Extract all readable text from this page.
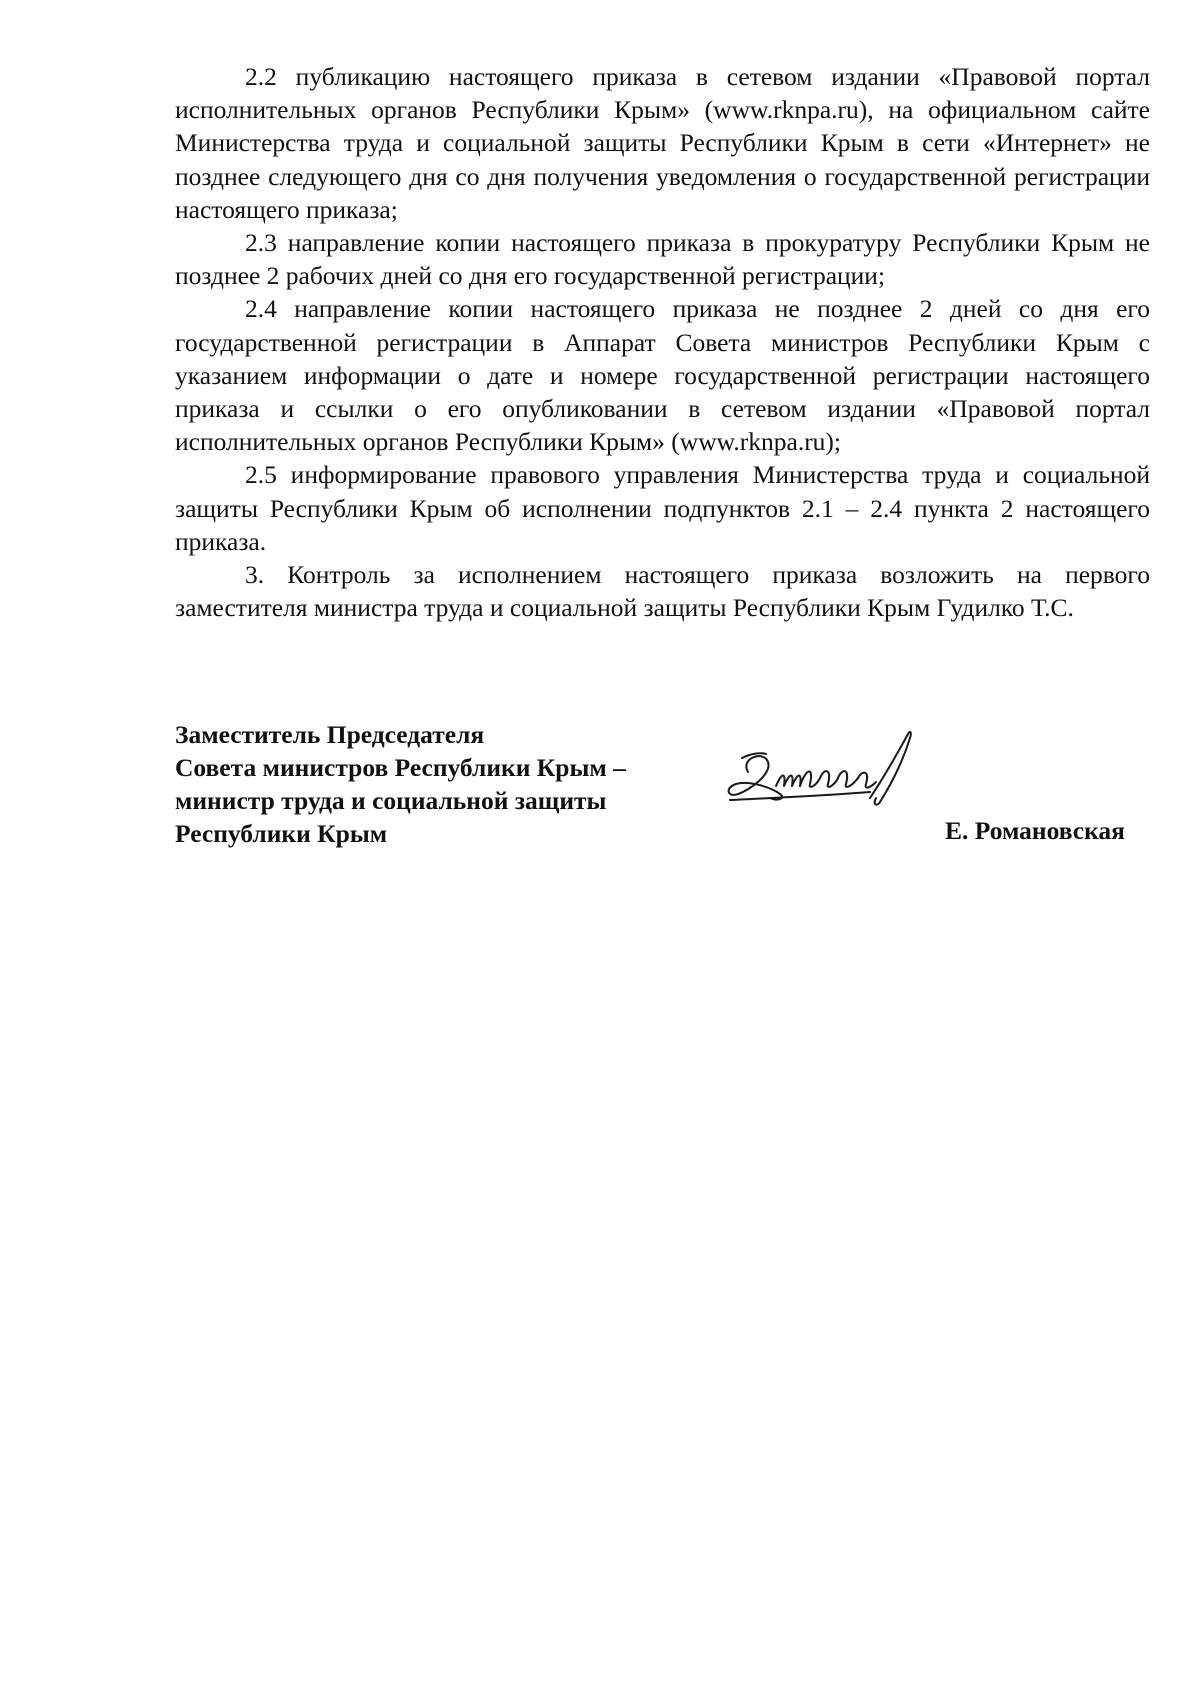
2.2 публикацию настоящего приказа в сетевом издании «Правовой портал исполнительных органов Республики Крым» (www.rknpa.ru), на официальном сайте Министерства труда и социальной защиты Республики Крым в сети «Интернет» не позднее следующего дня со дня получения уведомления о государственной регистрации настоящего приказа;

2.3 направление копии настоящего приказа в прокуратуру Республики Крым не позднее 2 рабочих дней со дня его государственной регистрации;

2.4 направление копии настоящего приказа не позднее 2 дней со дня его государственной регистрации в Аппарат Совета министров Республики Крым с указанием информации о дате и номере государственной регистрации настоящего приказа и ссылки о его опубликовании в сетевом издании «Правовой портал исполнительных органов Республики Крым» (www.rknpa.ru);

2.5 информирование правового управления Министерства труда и социальной защиты Республики Крым об исполнении подпунктов 2.1 – 2.4 пункта 2 настоящего приказа.

3. Контроль за исполнением настоящего приказа возложить на первого заместителя министра труда и социальной защиты Республики Крым Гудилко Т.С.

Заместитель Председателя
Совета министров Республики Крым –
министр труда и социальной защиты
Республики Крым	Е. Романовская
